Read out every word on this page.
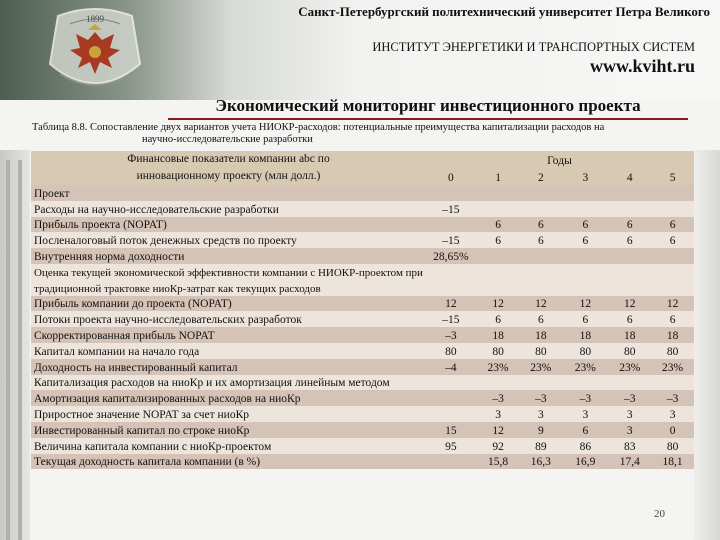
1899	Санкт-Петербургский политехнический университет Петра Великого
ИНСТИТУТ ЭНЕРГЕТИКИ И ТРАНСПОРТНЫХ СИСТЕМ
www.kviht.ru
Экономический мониторинг инвестиционного проекта
Таблица 8.8. Сопоставление двух вариантов учета НИОКР-расходов: потенциальные преимущества капитализации расходов на
научно-исследовательские разработки
Финансовые показатели компании abc по
инновационному проекту (млн долл.)	Годы					
	0	1	2	3	4	5
Проект						
Расходы на научно-исследовательские разработки	–15					
Прибыль проекта (NOPAT)		6	6	6	6	6
Посленалоговый поток денежных средств по проекту	–15	6	6	6	6	6
Внутренняя норма доходности	28,65%					
Оценка текущей экономической эффективности компании с НИОКР-проектом при						
традиционной трактовке ниоКр-затрат как текущих расходов						
Прибыль компании до проекта (NOPAT)	12	12	12	12	12	12
Потоки проекта научно-исследовательских разработок	–15	6	6	6	6	6
Скорректированная прибыль NOPAT	–3	18	18	18	18	18
Капитал компании на начало года	80	80	80	80	80	80
Доходность на инвестированный капитал	–4	23%	23%	23%	23%	23%
Капитализация расходов на ниоКр и их амортизация линейным методом						
Амортизация капитализированных расходов на ниоКр		–3	–3	–3	–3	–3
Приростное значение NOPAT за счет ниоКр		3	3	3	3	3
Инвестированный капитал по строке ниоКр	15	12	9	6	3	0
Величина капитала компании с ниоКр-проектом	95	92	89	86	83	80
Текущая доходность капитала компании (в %)		15,8	16,3	16,9	17,4	18,1
20
